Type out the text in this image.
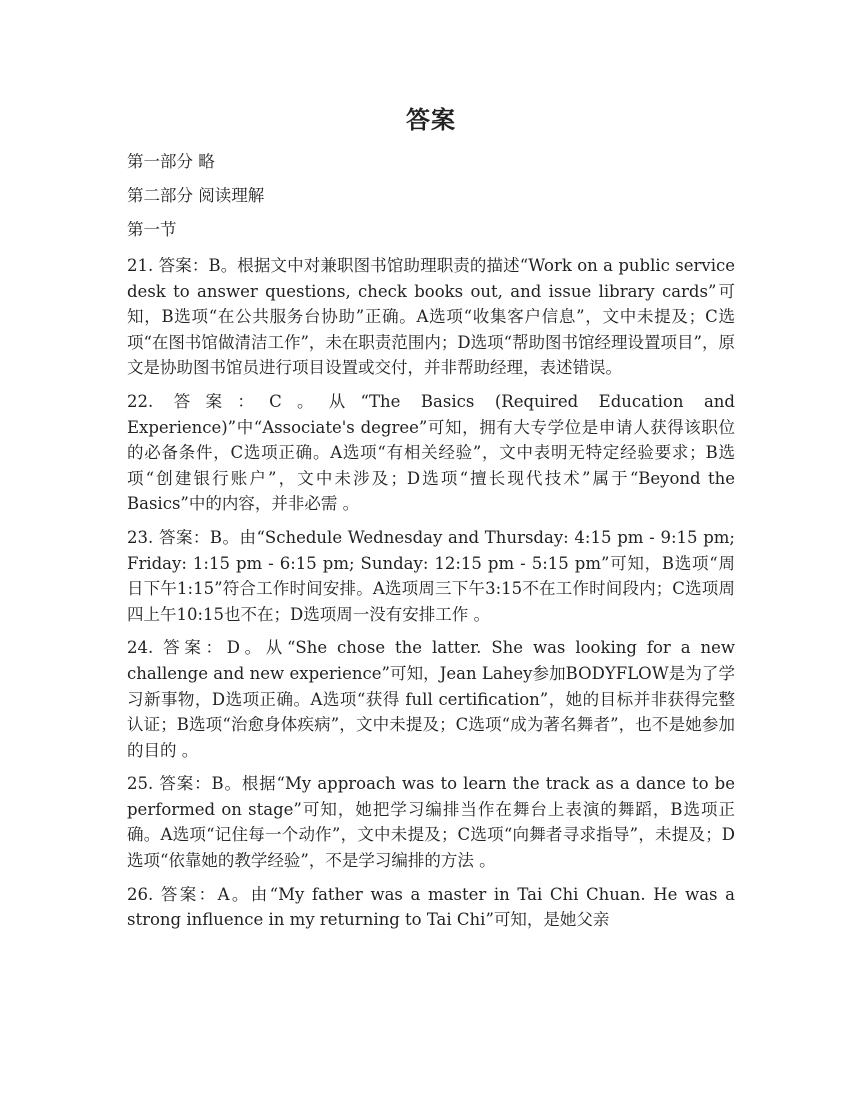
答案

第一部分 略

第二部分 阅读理解

第一节

21. 答案：B。根据文中对兼职图书馆助理职责的描述“Work on a public service desk to answer questions, check books out, and issue library cards”可知，B选项“在公共服务台协助”正确。A选项“收集客户信息”，文中未提及；C选项“在图书馆做清洁工作”，未在职责范围内；D选项“帮助图书馆经理设置项目”，原文是协助图书馆员进行项目设置或交付，并非帮助经理，表述错误。

22. 答案：C。从“The Basics (Required Education and Experience)”中“Associate's degree”可知，拥有大专学位是申请人获得该职位的必备条件，C选项正确。A选项“有相关经验”，文中表明无特定经验要求；B选项“创建银行账户”，文中未涉及；D选项“擅长现代技术”属于“Beyond the Basics”中的内容，并非必需 。

23. 答案：B。由“Schedule Wednesday and Thursday: 4:15 pm - 9:15 pm; Friday: 1:15 pm - 6:15 pm; Sunday: 12:15 pm - 5:15 pm”可知，B选项“周日下午1:15”符合工作时间安排。A选项周三下午3:15不在工作时间段内；C选项周四上午10:15也不在；D选项周一没有安排工作 。

24. 答案：D。从“She chose the latter. She was looking for a new challenge and new experience”可知，Jean Lahey参加BODYFLOW是为了学习新事物，D选项正确。A选项“获得 full certification”，她的目标并非获得完整认证；B选项“治愈身体疾病”，文中未提及；C选项“成为著名舞者”，也不是她参加的目的 。

25. 答案：B。根据“My approach was to learn the track as a dance to be performed on stage”可知，她把学习编排当作在舞台上表演的舞蹈，B选项正确。A选项“记住每一个动作”，文中未提及；C选项“向舞者寻求指导”，未提及；D选项“依靠她的教学经验”，不是学习编排的方法 。

26. 答案：A。由“My father was a master in Tai Chi Chuan. He was a strong influence in my returning to Tai Chi”可知，是她父亲
